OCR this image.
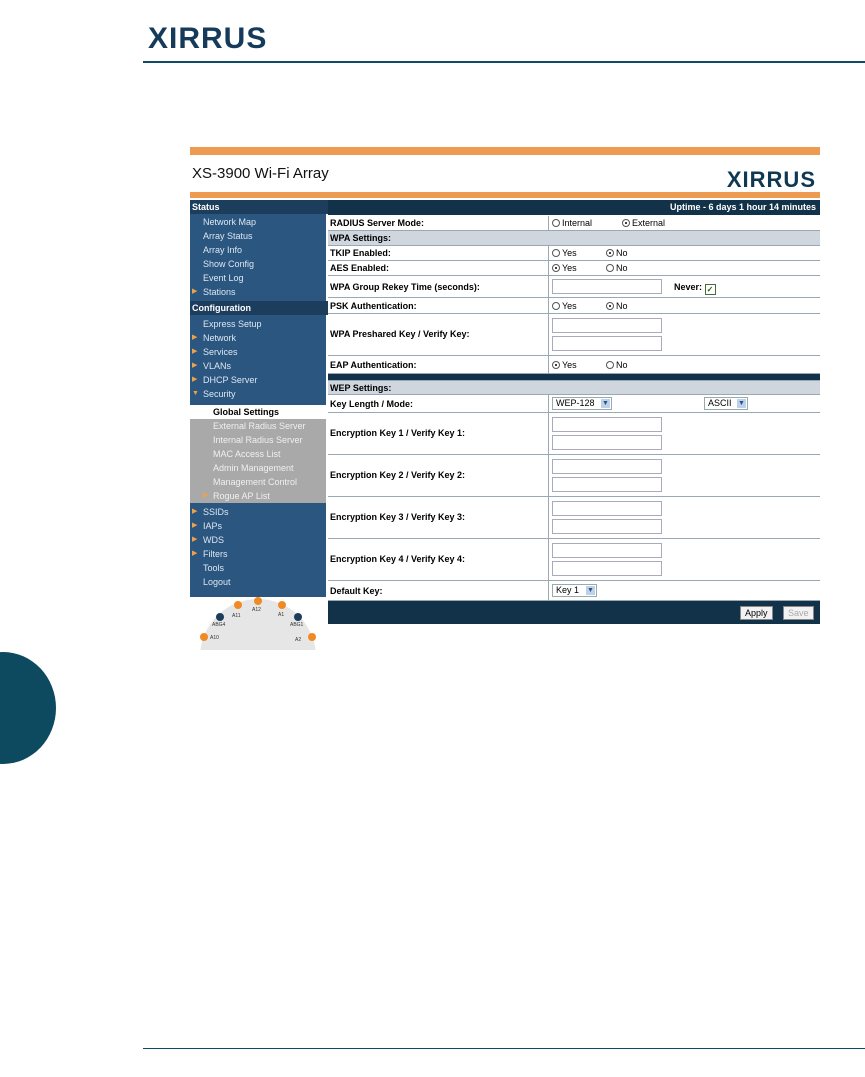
XIRRUS
XS-3900 Wi-Fi Array	XIRRUS
Status
Network Map
Array Status
Array Info
Show Config
Event Log
▶ Stations
Configuration
Express Setup
▶ Network
▶ Services
▶ VLANs
▶ DHCP Server
▼ Security
Global Settings
External Radius Server
Internal Radius Server
MAC Access List
Admin Management
Management Control
▶ Rogue AP List
▶ SSIDs
▶ IAPs
▶ WDS
▶ Filters
Tools
Logout
A11
A12
A1
ABG4	ABG1
A10	A2
Uptime - 6 days 1 hour 14 minutes
RADIUS Server Mode:	Internal	External
WPA Settings:
TKIP Enabled:	Yes	No
AES Enabled:	Yes	No
WPA Group Rekey Time (seconds):	Never: ✓
PSK Authentication:	Yes	No
WPA Preshared Key / Verify Key:
EAP Authentication:	Yes	No
WEP Settings:
Key Length / Mode:	WEP-128 ▼	ASCII ▼
Encryption Key 1 / Verify Key 1:
Encryption Key 2 / Verify Key 2:
Encryption Key 3 / Verify Key 3:
Encryption Key 4 / Verify Key 4:
Default Key:	Key 1 ▼
Apply	Save
